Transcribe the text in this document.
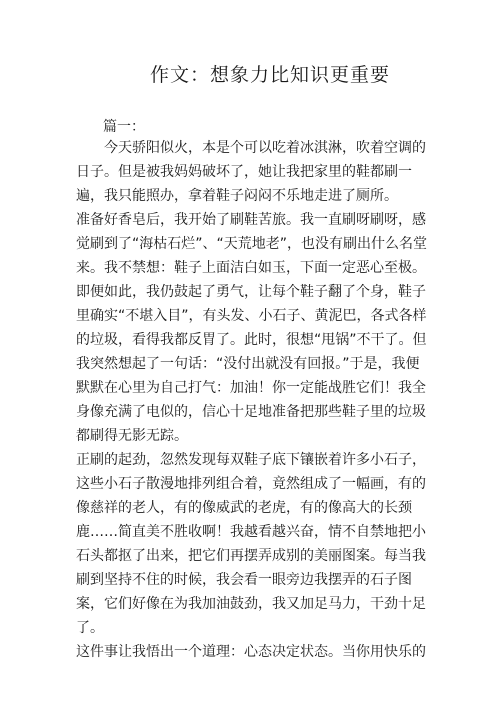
作文：想象力比知识更重要
篇一：

今天骄阳似火，本是个可以吃着冰淇淋，吹着空调的日子。但是被我妈妈破坏了，她让我把家里的鞋都刷一遍，我只能照办，拿着鞋子闷闷不乐地走进了厕所。

准备好香皂后，我开始了刷鞋苦旅。我一直刷呀刷呀，感觉刷到了“海枯石烂”、“天荒地老”，也没有刷出什么名堂来。我不禁想：鞋子上面洁白如玉，下面一定恶心至极。即便如此，我仍鼓起了勇气，让每个鞋子翻了个身，鞋子里确实“不堪入目”，有头发、小石子、黄泥巴，各式各样的垃圾，看得我都反胃了。此时，很想“甩锅”不干了。但我突然想起了一句话：“没付出就没有回报。”于是，我便默默在心里为自己打气：加油！你一定能战胜它们！我全身像充满了电似的，信心十足地准备把那些鞋子里的垃圾都刷得无影无踪。

正刷的起劲，忽然发现每双鞋子底下镶嵌着许多小石子，这些小石子散漫地排列组合着，竟然组成了一幅画，有的像慈祥的老人，有的像威武的老虎，有的像高大的长颈鹿……简直美不胜收啊！我越看越兴奋，情不自禁地把小石头都抠了出来，把它们再摆弄成别的美丽图案。每当我刷到坚持不住的时候，我会看一眼旁边我摆弄的石子图案，它们好像在为我加油鼓劲，我又加足马力，干劲十足了。

这件事让我悟出一个道理：心态决定状态。当你用快乐的
